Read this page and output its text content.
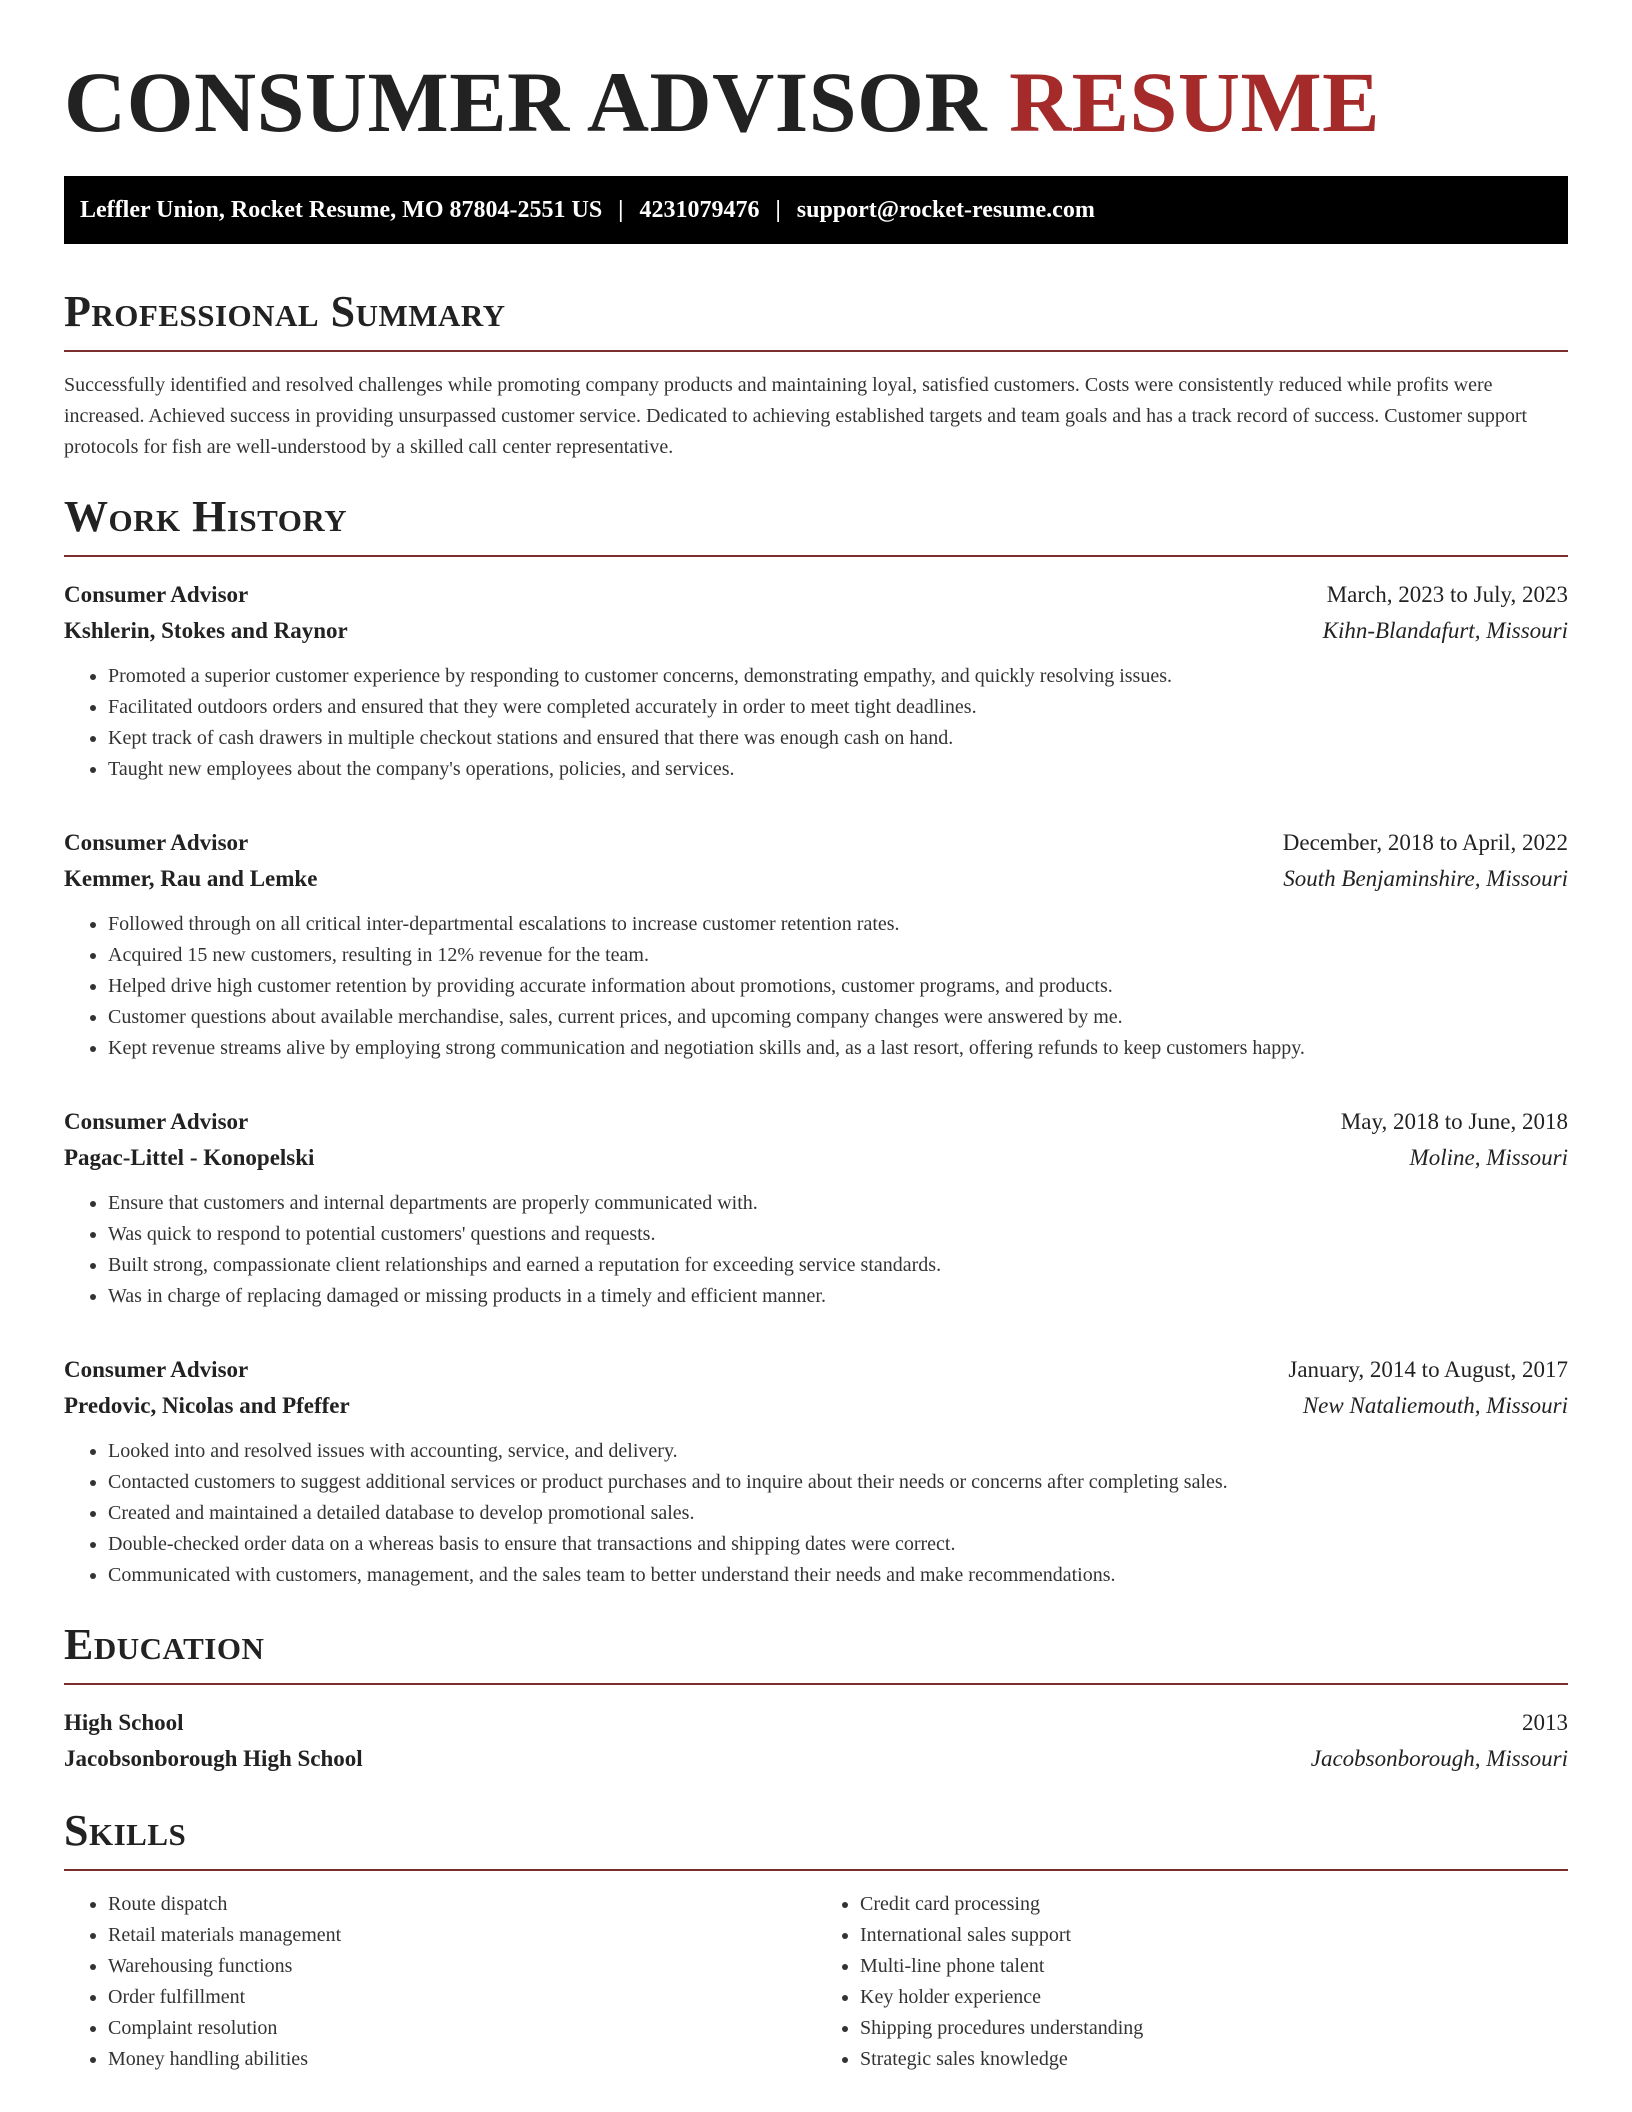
CONSUMER ADVISOR RESUME
Leffler Union, Rocket Resume, MO 87804-2551 US | 4231079476 | support@rocket-resume.com
Professional Summary

Successfully identified and resolved challenges while promoting company products and maintaining loyal, satisfied customers. Costs were consistently reduced while profits were increased. Achieved success in providing unsurpassed customer service. Dedicated to achieving established targets and team goals and has a track record of success. Customer support protocols for fish are well-understood by a skilled call center representative.

Work History
Consumer Advisor	March, 2023 to July, 2023
Kshlerin, Stokes and Raynor	Kihn-Blandafurt, Missouri
• Promoted a superior customer experience by responding to customer concerns, demonstrating empathy, and quickly resolving issues.
• Facilitated outdoors orders and ensured that they were completed accurately in order to meet tight deadlines.
• Kept track of cash drawers in multiple checkout stations and ensured that there was enough cash on hand.
• Taught new employees about the company's operations, policies, and services.
Consumer Advisor	December, 2018 to April, 2022
Kemmer, Rau and Lemke	South Benjaminshire, Missouri
• Followed through on all critical inter-departmental escalations to increase customer retention rates.
• Acquired 15 new customers, resulting in 12% revenue for the team.
• Helped drive high customer retention by providing accurate information about promotions, customer programs, and products.
• Customer questions about available merchandise, sales, current prices, and upcoming company changes were answered by me.
• Kept revenue streams alive by employing strong communication and negotiation skills and, as a last resort, offering refunds to keep customers happy.
Consumer Advisor	May, 2018 to June, 2018
Pagac-Littel - Konopelski	Moline, Missouri
• Ensure that customers and internal departments are properly communicated with.
• Was quick to respond to potential customers' questions and requests.
• Built strong, compassionate client relationships and earned a reputation for exceeding service standards.
• Was in charge of replacing damaged or missing products in a timely and efficient manner.
Consumer Advisor	January, 2014 to August, 2017
Predovic, Nicolas and Pfeffer	New Nataliemouth, Missouri
• Looked into and resolved issues with accounting, service, and delivery.
• Contacted customers to suggest additional services or product purchases and to inquire about their needs or concerns after completing sales.
• Created and maintained a detailed database to develop promotional sales.
• Double-checked order data on a whereas basis to ensure that transactions and shipping dates were correct.
• Communicated with customers, management, and the sales team to better understand their needs and make recommendations.
Education
High School	2013
Jacobsonborough High School	Jacobsonborough, Missouri
Skills
• Route dispatch
• Retail materials management
• Warehousing functions
• Order fulfillment
• Complaint resolution
• Money handling abilities
• Credit card processing
• International sales support
• Multi-line phone talent
• Key holder experience
• Shipping procedures understanding
• Strategic sales knowledge
